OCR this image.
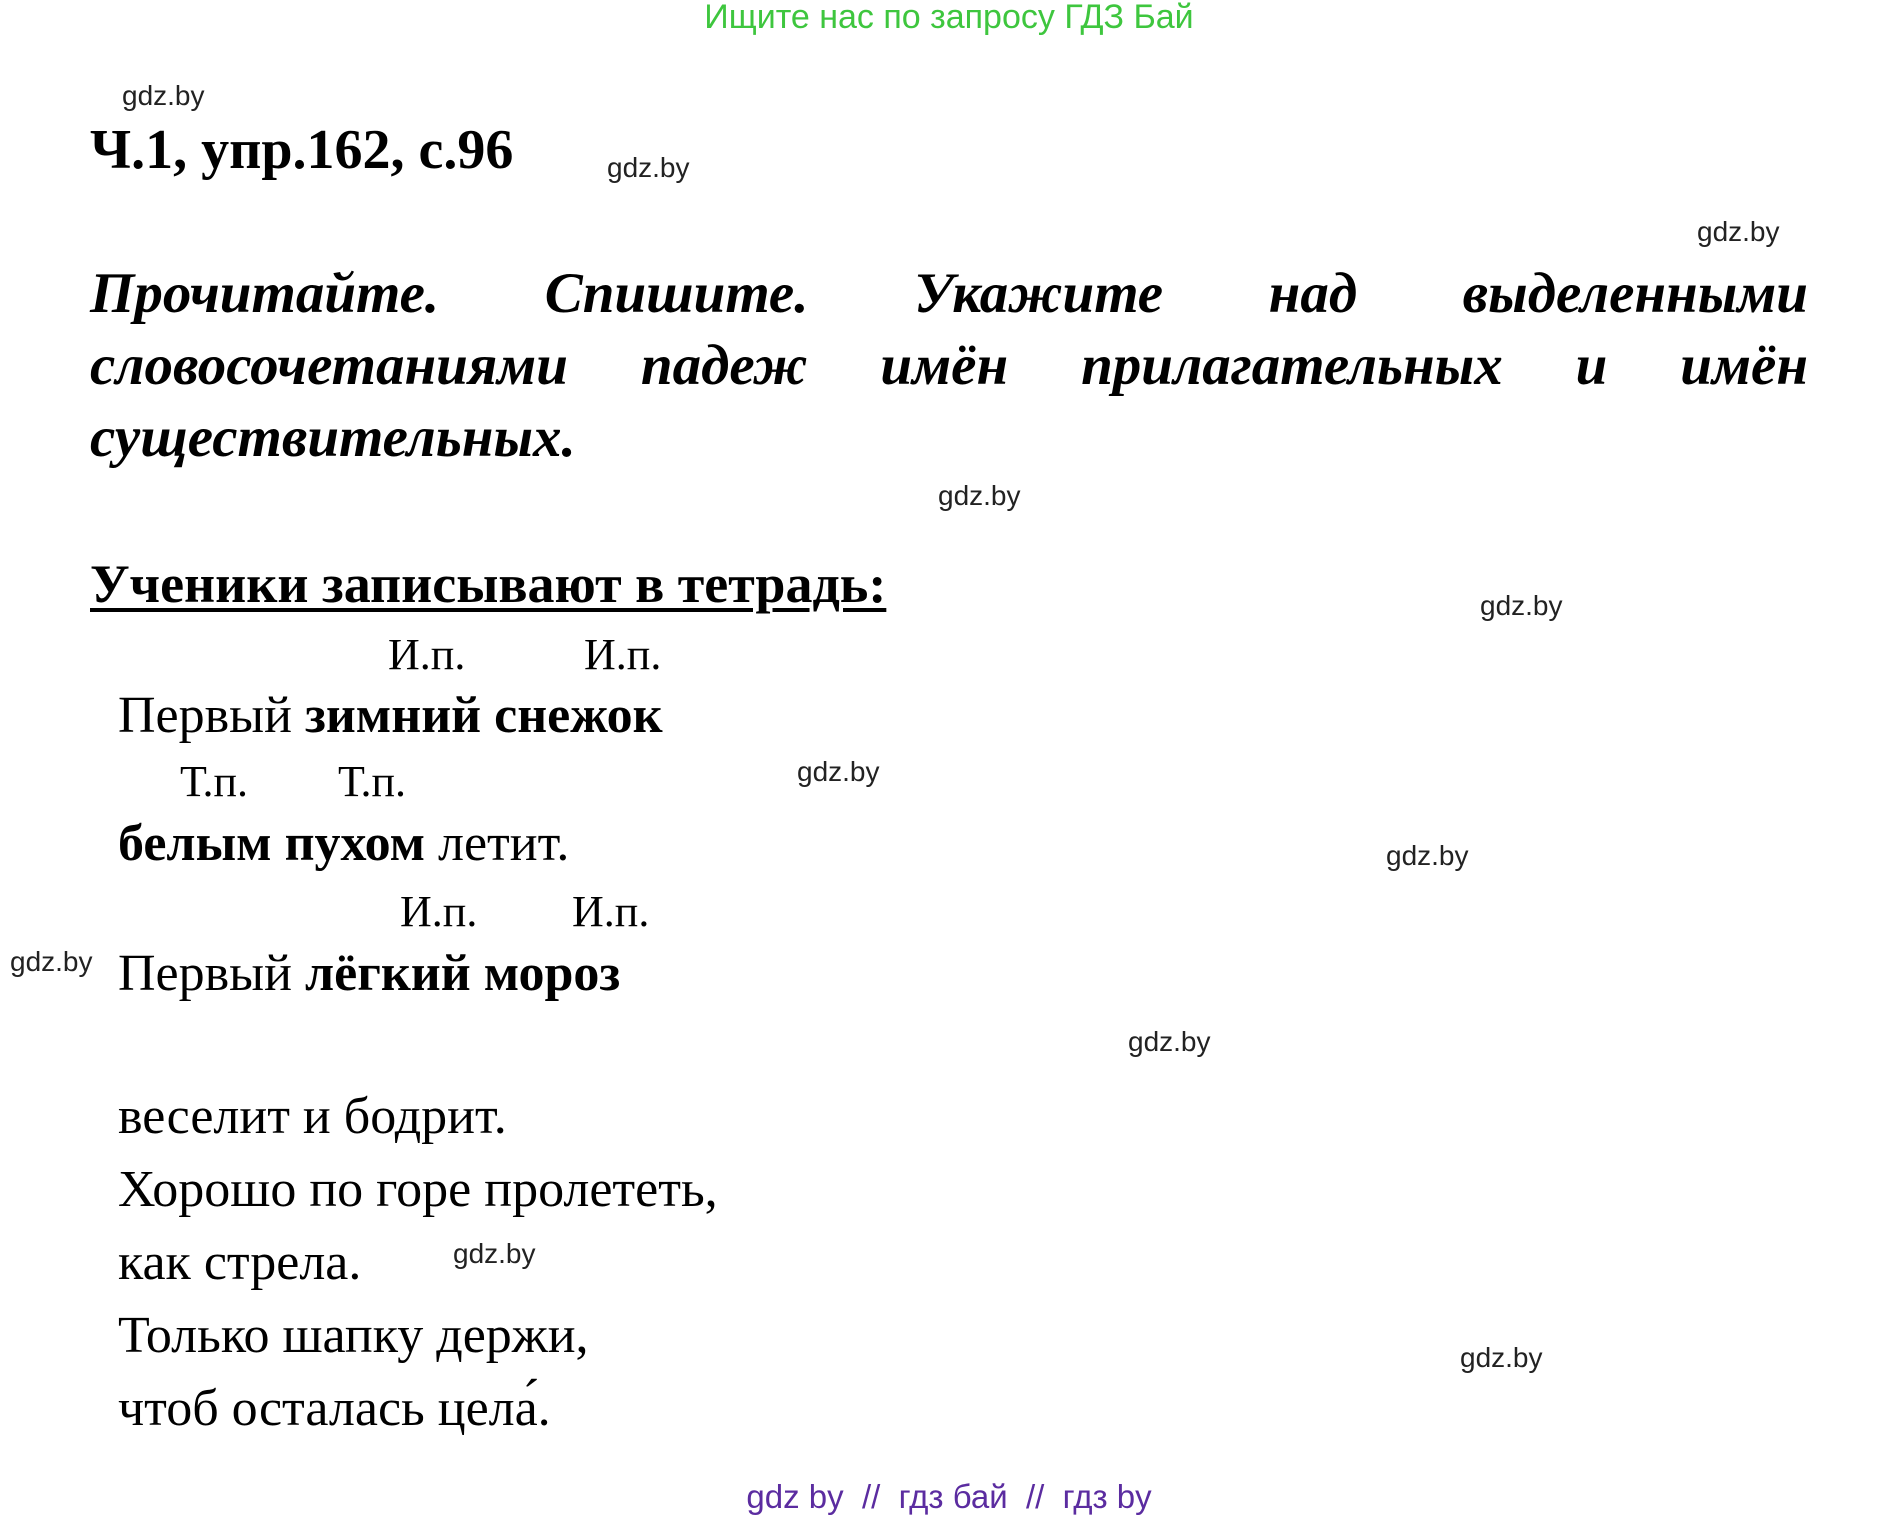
Ищите нас по запросу ГДЗ Бай
gdz.by
gdz.by
gdz.by
gdz.by
gdz.by
gdz.by
gdz.by
gdz.by
gdz.by
gdz.by
gdz.by
Ч.1, упр.162, с.96
Прочитайте. Спишите. Укажите над выделенными словосочетаниями падеж имён прилагательных и имён существительных.
Ученики записывают в тетрадь:
И.п.	И.п.
Т.п. Т.п.
И.п. И.п.
Первый зимний снежок
белым пухом летит.
Первый лёгкий мороз
веселит и бодрит.
Хорошо по горе пролететь,
как стрела.
Только шапку держи,
чтоб осталась цела́.
gdz by  //  гдз бай  //  гдз by
